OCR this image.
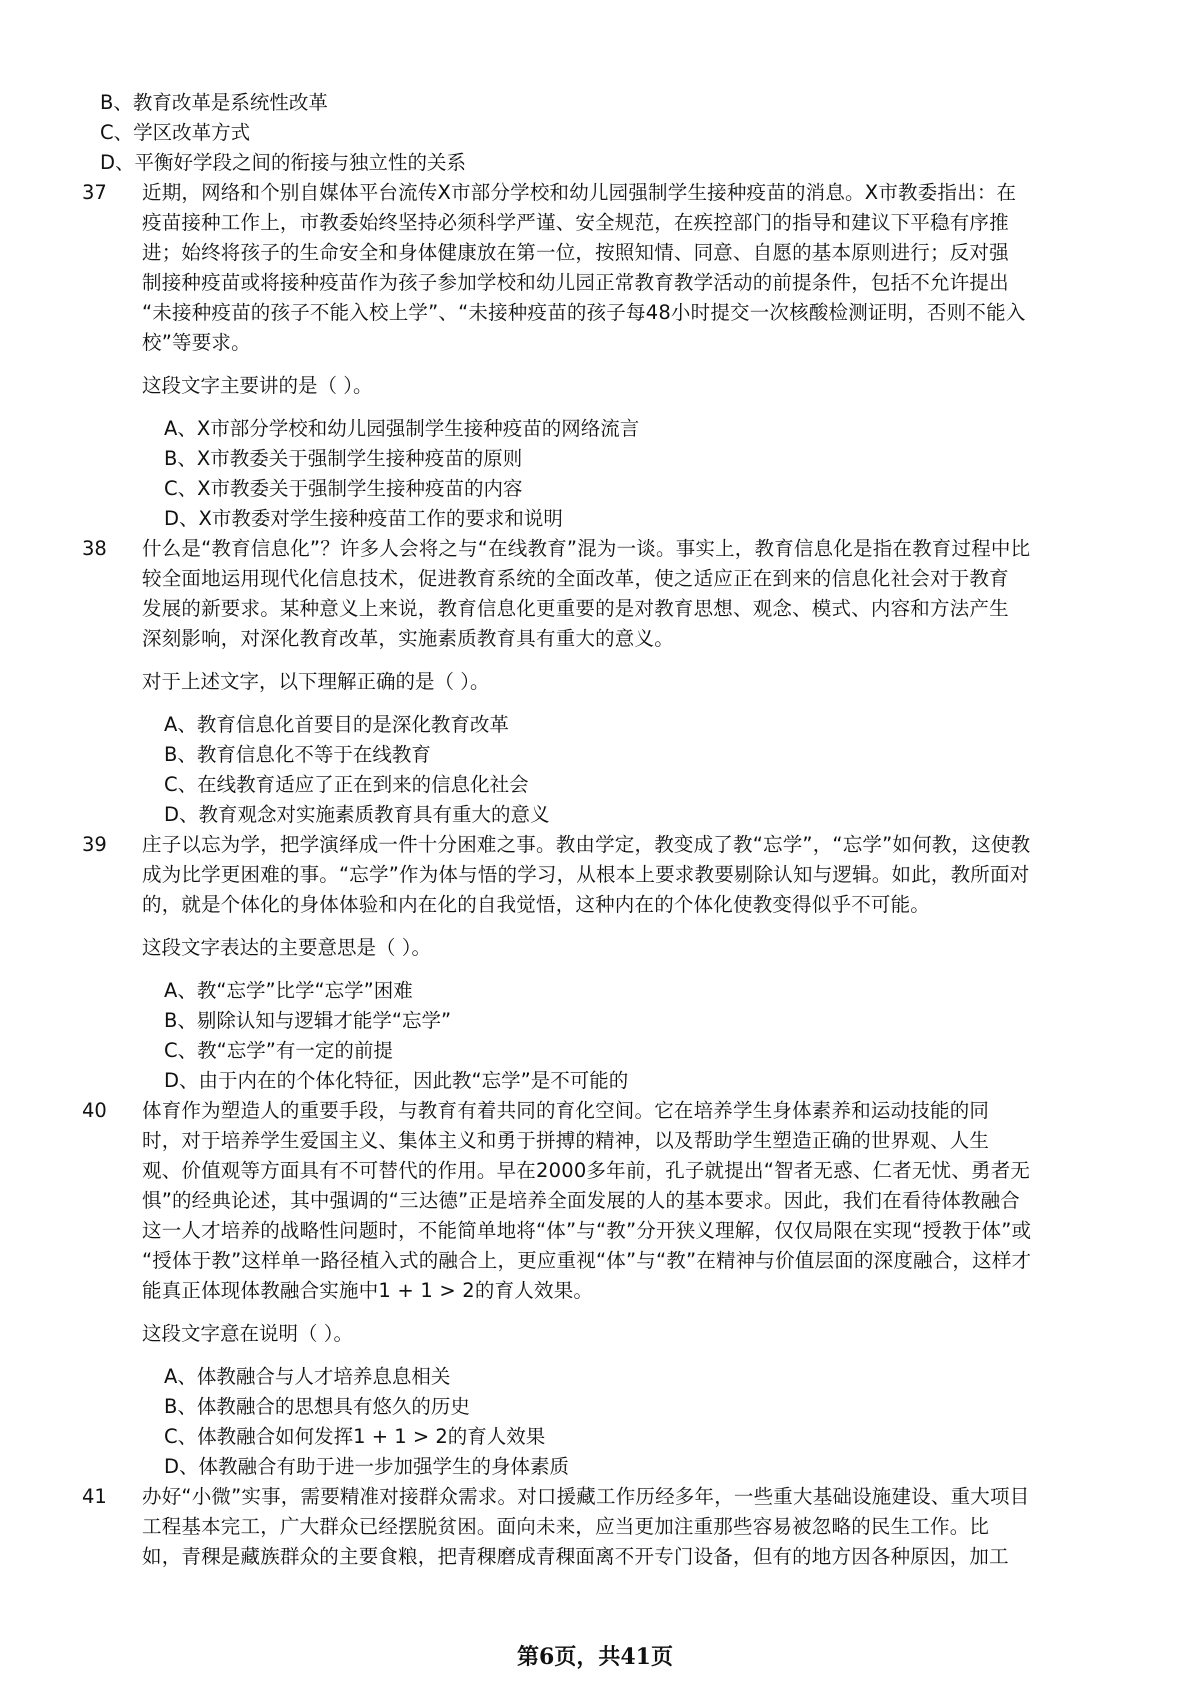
B、教育改革是系统性改革
C、学区改革方式
D、平衡好学段之间的衔接与独立性的关系
37	近期，网络和个别自媒体平台流传X市部分学校和幼儿园强制学生接种疫苗的消息。X市教委指出：在

疫苗接种工作上，市教委始终坚持必须科学严谨、安全规范，在疾控部门的指导和建议下平稳有序推

进；始终将孩子的生命安全和身体健康放在第一位，按照知情、同意、自愿的基本原则进行；反对强

制接种疫苗或将接种疫苗作为孩子参加学校和幼儿园正常教育教学活动的前提条件，包括不允许提出

“未接种疫苗的孩子不能入校上学”、“未接种疫苗的孩子每48小时提交一次核酸检测证明，否则不能入

校”等要求。

这段文字主要讲的是（ ）。
A、X市部分学校和幼儿园强制学生接种疫苗的网络流言
B、X市教委关于强制学生接种疫苗的原则
C、X市教委关于强制学生接种疫苗的内容
D、X市教委对学生接种疫苗工作的要求和说明
38	什么是“教育信息化”？许多人会将之与“在线教育”混为一谈。事实上，教育信息化是指在教育过程中比

较全面地运用现代化信息技术，促进教育系统的全面改革，使之适应正在到来的信息化社会对于教育

发展的新要求。某种意义上来说，教育信息化更重要的是对教育思想、观念、模式、内容和方法产生

深刻影响，对深化教育改革，实施素质教育具有重大的意义。

对于上述文字，以下理解正确的是（ ）。
A、教育信息化首要目的是深化教育改革
B、教育信息化不等于在线教育
C、在线教育适应了正在到来的信息化社会
D、教育观念对实施素质教育具有重大的意义
39	庄子以忘为学，把学演绎成一件十分困难之事。教由学定，教变成了教“忘学”，“忘学”如何教，这使教

成为比学更困难的事。“忘学”作为体与悟的学习，从根本上要求教要剔除认知与逻辑。如此，教所面对

的，就是个体化的身体体验和内在化的自我觉悟，这种内在的个体化使教变得似乎不可能。

这段文字表达的主要意思是（ ）。
A、教“忘学”比学“忘学”困难
B、剔除认知与逻辑才能学“忘学”
C、教“忘学”有一定的前提
D、由于内在的个体化特征，因此教“忘学”是不可能的
40	体育作为塑造人的重要手段，与教育有着共同的育化空间。它在培养学生身体素养和运动技能的同

时，对于培养学生爱国主义、集体主义和勇于拼搏的精神，以及帮助学生塑造正确的世界观、人生

观、价值观等方面具有不可替代的作用。早在2000多年前，孔子就提出“智者无惑、仁者无忧、勇者无

惧”的经典论述，其中强调的“三达德”正是培养全面发展的人的基本要求。因此，我们在看待体教融合

这一人才培养的战略性问题时，不能简单地将“体”与“教”分开狭义理解，仅仅局限在实现“授教于体”或

“授体于教”这样单一路径植入式的融合上，更应重视“体”与“教”在精神与价值层面的深度融合，这样才

能真正体现体教融合实施中1 + 1 > 2的育人效果。

这段文字意在说明（ ）。
A、体教融合与人才培养息息相关
B、体教融合的思想具有悠久的历史
C、体教融合如何发挥1 + 1 > 2的育人效果
D、体教融合有助于进一步加强学生的身体素质
41	办好“小微”实事，需要精准对接群众需求。对口援藏工作历经多年，一些重大基础设施建设、重大项目

工程基本完工，广大群众已经摆脱贫困。面向未来，应当更加注重那些容易被忽略的民生工作。比

如，青稞是藏族群众的主要食粮，把青稞磨成青稞面离不开专门设备，但有的地方因各种原因，加工

第6页，共41页
